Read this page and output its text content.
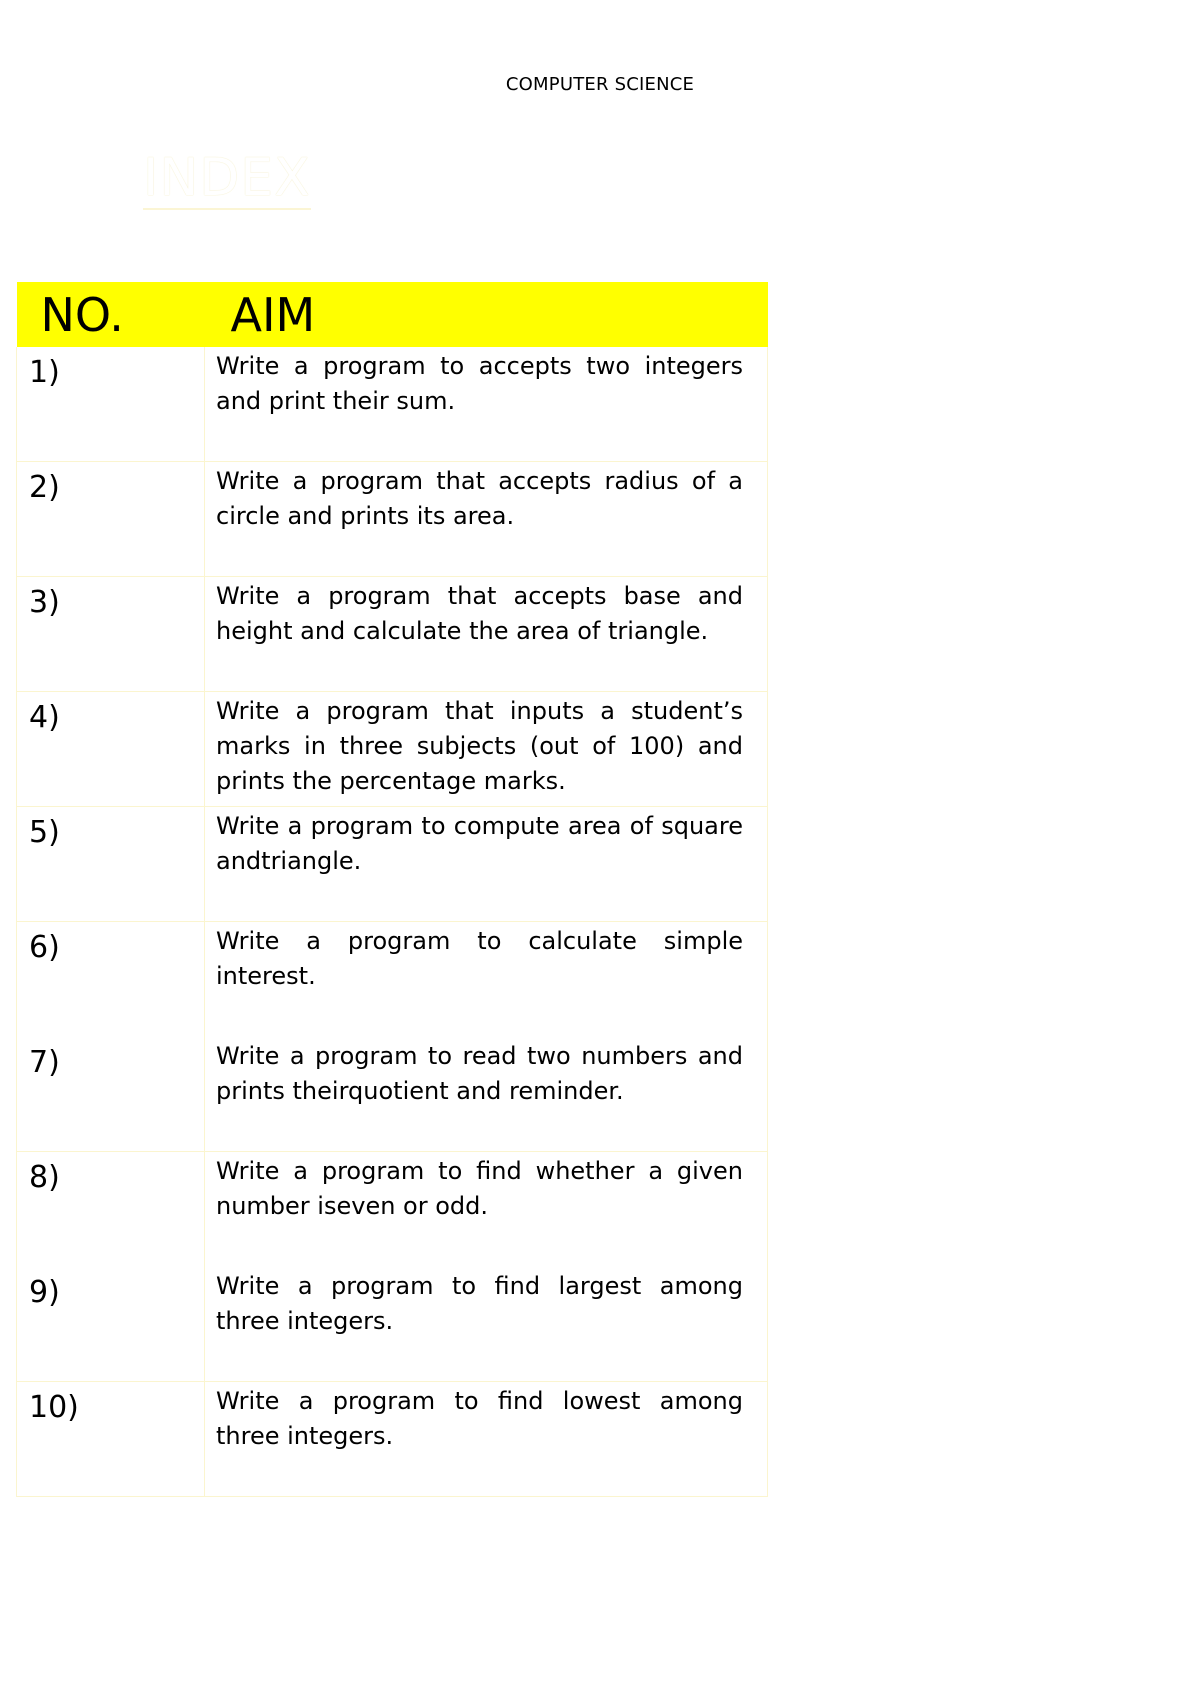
COMPUTER SCIENCE
INDEX
NO.	AIM

1)	Write a program to accepts two integers and print their sum.

2)	Write a program that accepts radius of a circle and prints its area.

3)	Write a program that accepts base and height and calculate the area of triangle.

4)	Write a program that inputs a student’s marks in three subjects (out of 100) and prints the percentage marks.

5)	Write a program to compute area of square andtriangle.

6)	Write a program to calculate simple interest.

7)	Write a program to read two numbers and prints theirquotient and reminder.

8)	Write a program to find whether a given number iseven or odd.

9)	Write a program to find largest among three integers.

10)	Write a program to find lowest among three integers.
